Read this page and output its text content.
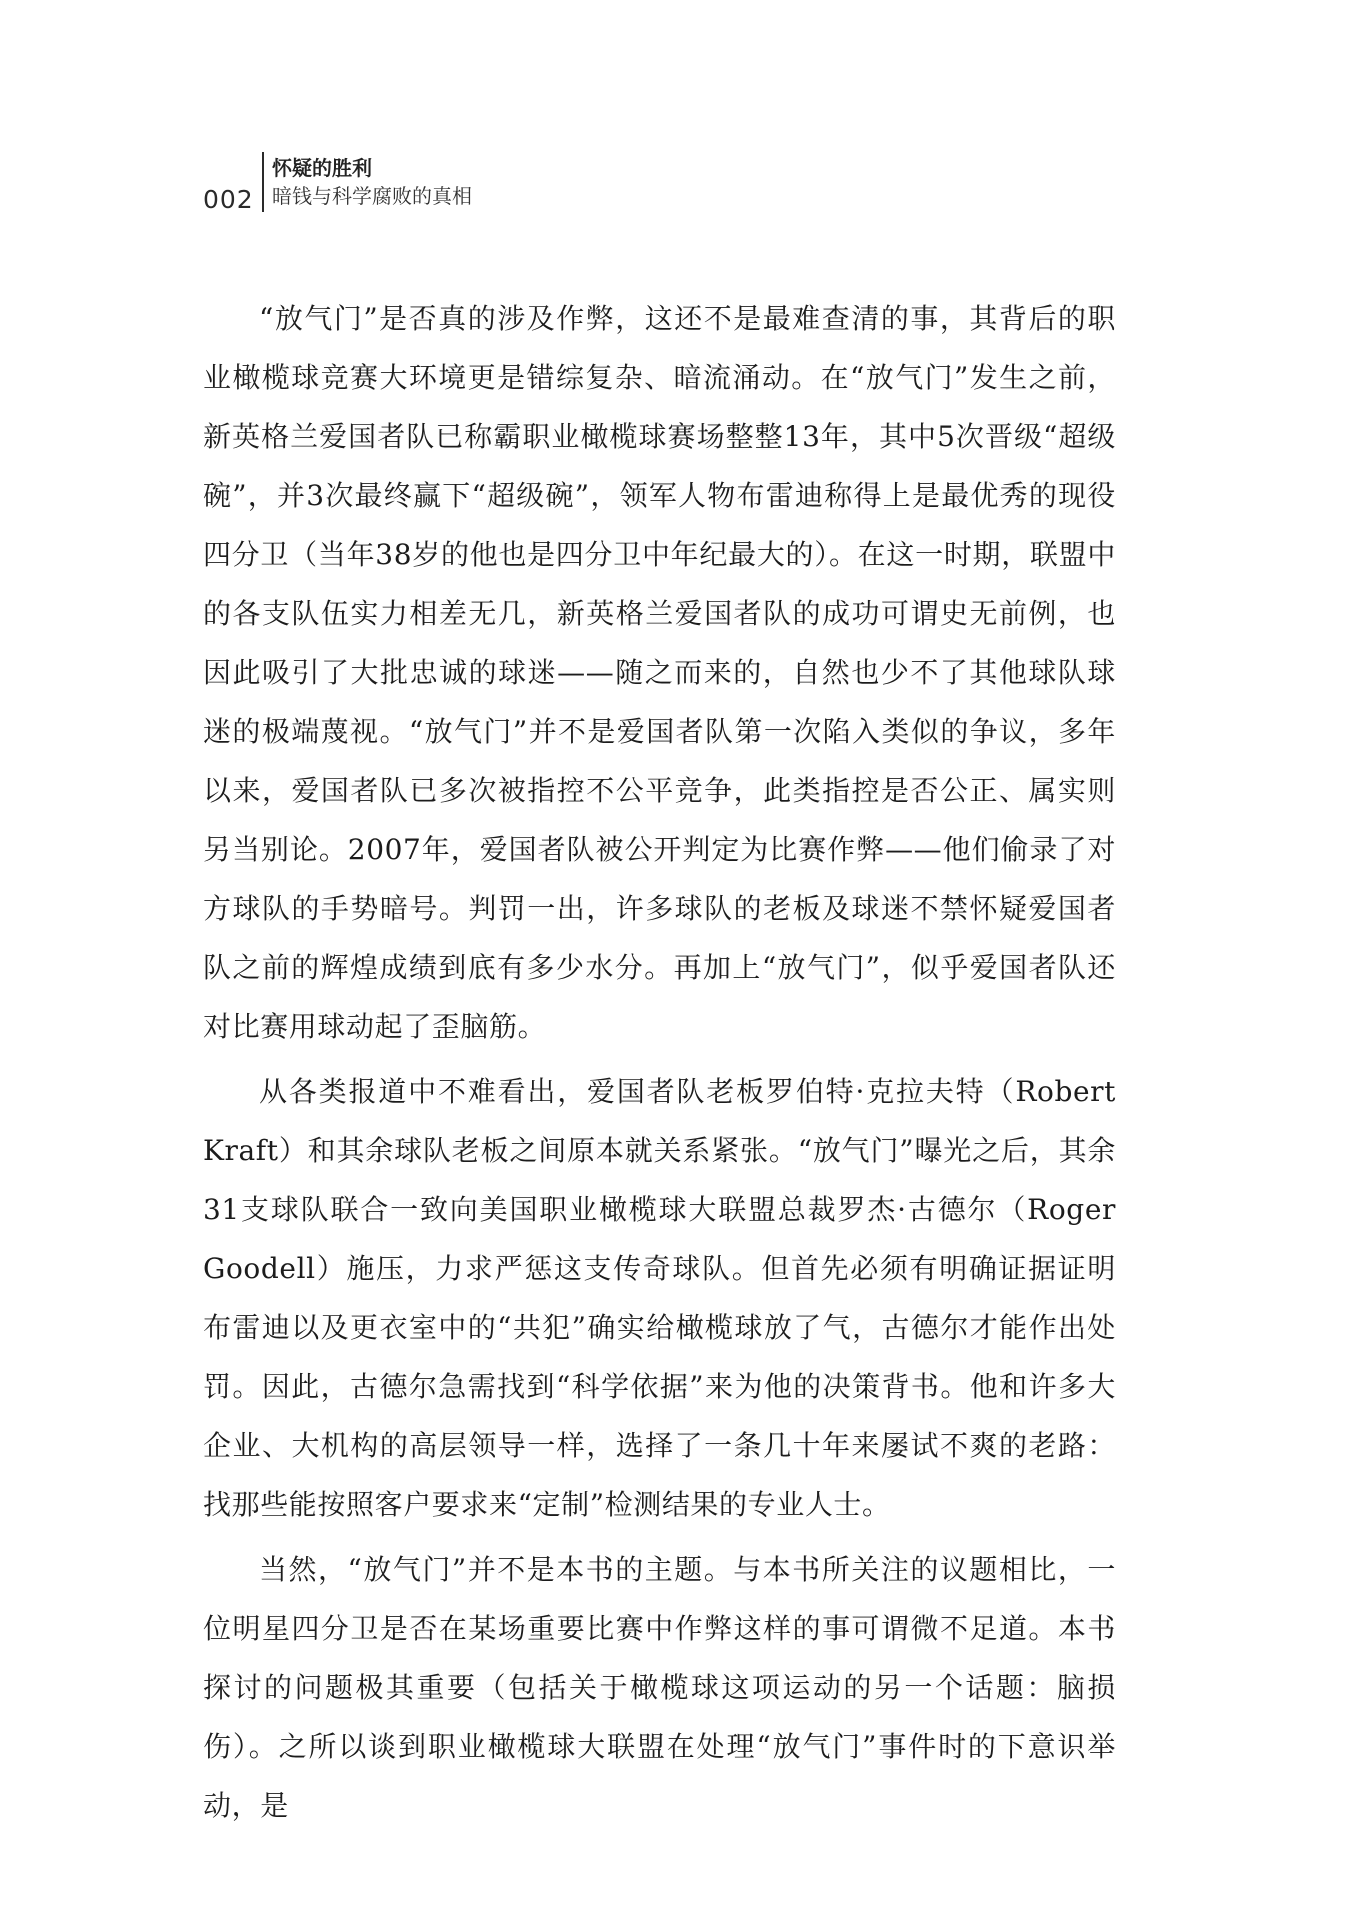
002
怀疑的胜利
暗钱与科学腐败的真相

“放气门”是否真的涉及作弊，这还不是最难查清的事，其背后的职业橄榄球竞赛大环境更是错综复杂、暗流涌动。在“放气门”发生之前，新英格兰爱国者队已称霸职业橄榄球赛场整整13年，其中5次晋级“超级碗”，并3次最终赢下“超级碗”，领军人物布雷迪称得上是最优秀的现役四分卫（当年38岁的他也是四分卫中年纪最大的）。在这一时期，联盟中的各支队伍实力相差无几，新英格兰爱国者队的成功可谓史无前例，也因此吸引了大批忠诚的球迷——随之而来的，自然也少不了其他球队球迷的极端蔑视。“放气门”并不是爱国者队第一次陷入类似的争议，多年以来，爱国者队已多次被指控不公平竞争，此类指控是否公正、属实则另当别论。2007年，爱国者队被公开判定为比赛作弊——他们偷录了对方球队的手势暗号。判罚一出，许多球队的老板及球迷不禁怀疑爱国者队之前的辉煌成绩到底有多少水分。再加上“放气门”，似乎爱国者队还对比赛用球动起了歪脑筋。

从各类报道中不难看出，爱国者队老板罗伯特·克拉夫特（Robert Kraft）和其余球队老板之间原本就关系紧张。“放气门”曝光之后，其余31支球队联合一致向美国职业橄榄球大联盟总裁罗杰·古德尔（Roger Goodell）施压，力求严惩这支传奇球队。但首先必须有明确证据证明布雷迪以及更衣室中的“共犯”确实给橄榄球放了气，古德尔才能作出处罚。因此，古德尔急需找到“科学依据”来为他的决策背书。他和许多大企业、大机构的高层领导一样，选择了一条几十年来屡试不爽的老路：找那些能按照客户要求来“定制”检测结果的专业人士。

当然，“放气门”并不是本书的主题。与本书所关注的议题相比，一位明星四分卫是否在某场重要比赛中作弊这样的事可谓微不足道。本书探讨的问题极其重要（包括关于橄榄球这项运动的另一个话题：脑损伤）。之所以谈到职业橄榄球大联盟在处理“放气门”事件时的下意识举动，是
